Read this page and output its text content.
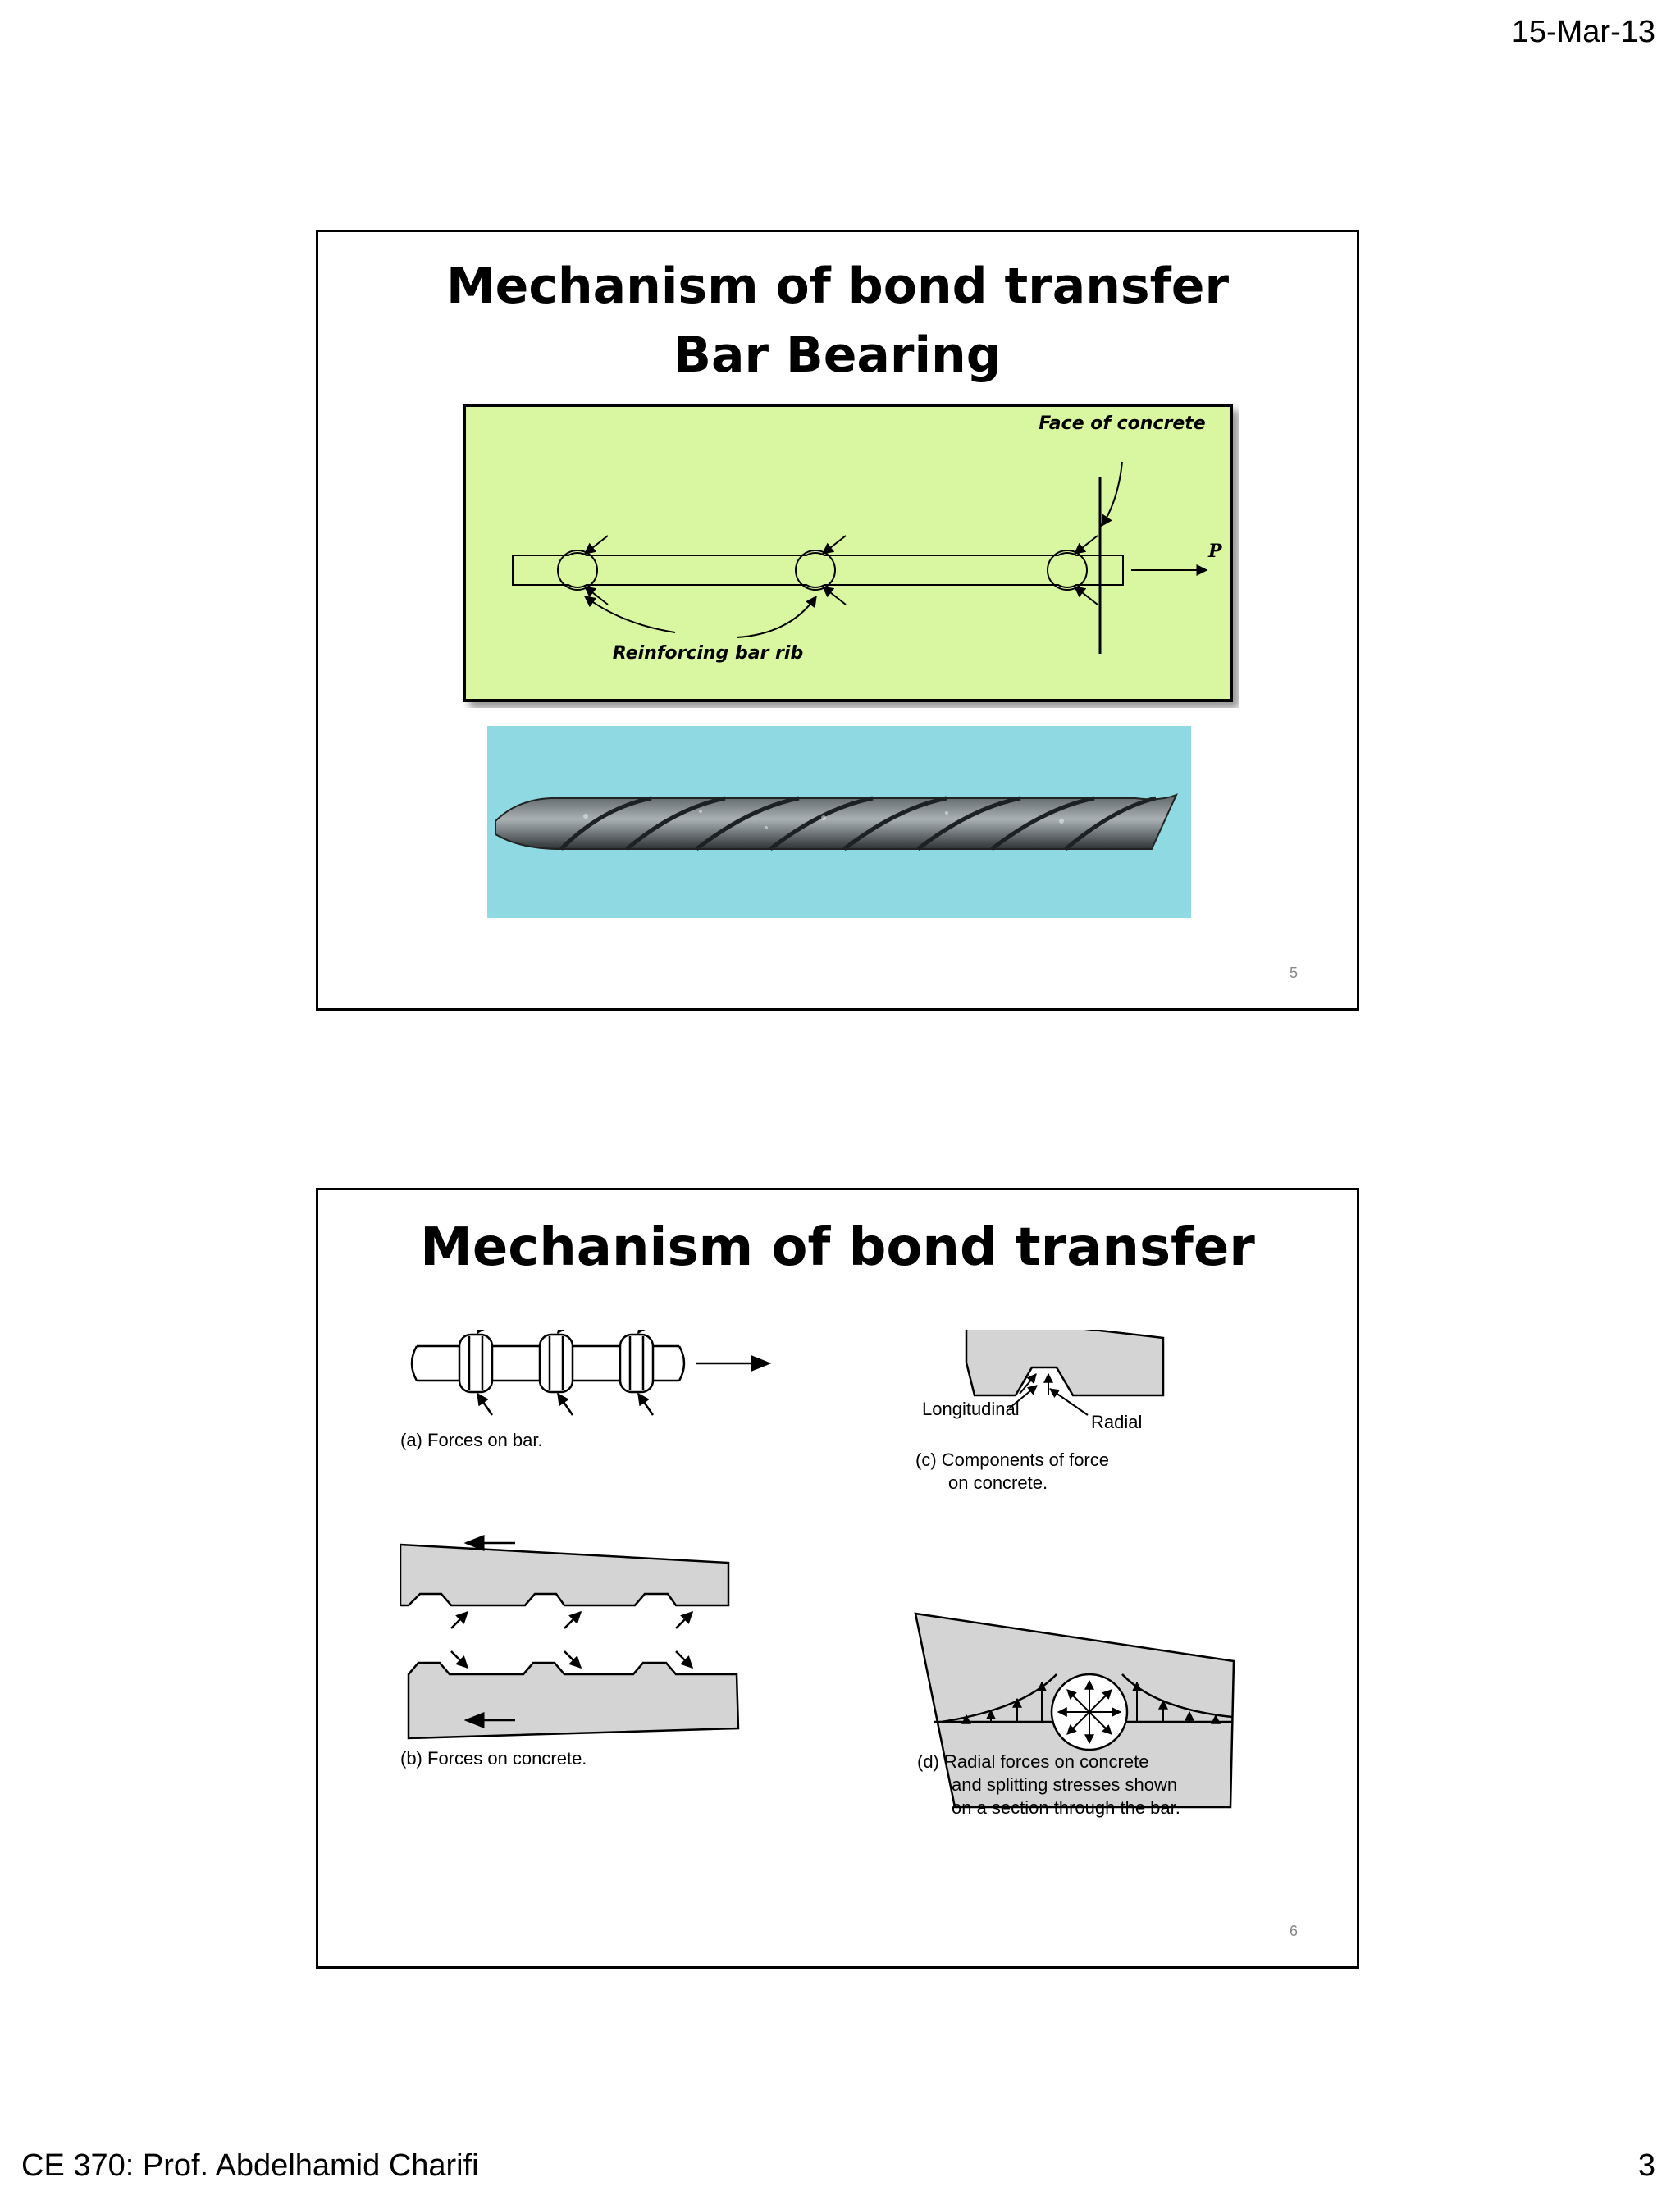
15-Mar-13
Mechanism of bond transfer
Bar Bearing
Face of concrete
Reinforcing bar rib
P
5
Mechanism of bond transfer
(a) Forces on bar.
(b) Forces on concrete.
Longitudinal
Radial
(c) Components of force
on concrete.
(d) Radial forces on concrete
and splitting stresses shown
on a section through the bar.
6
CE 370: Prof. Abdelhamid Charifi	3
